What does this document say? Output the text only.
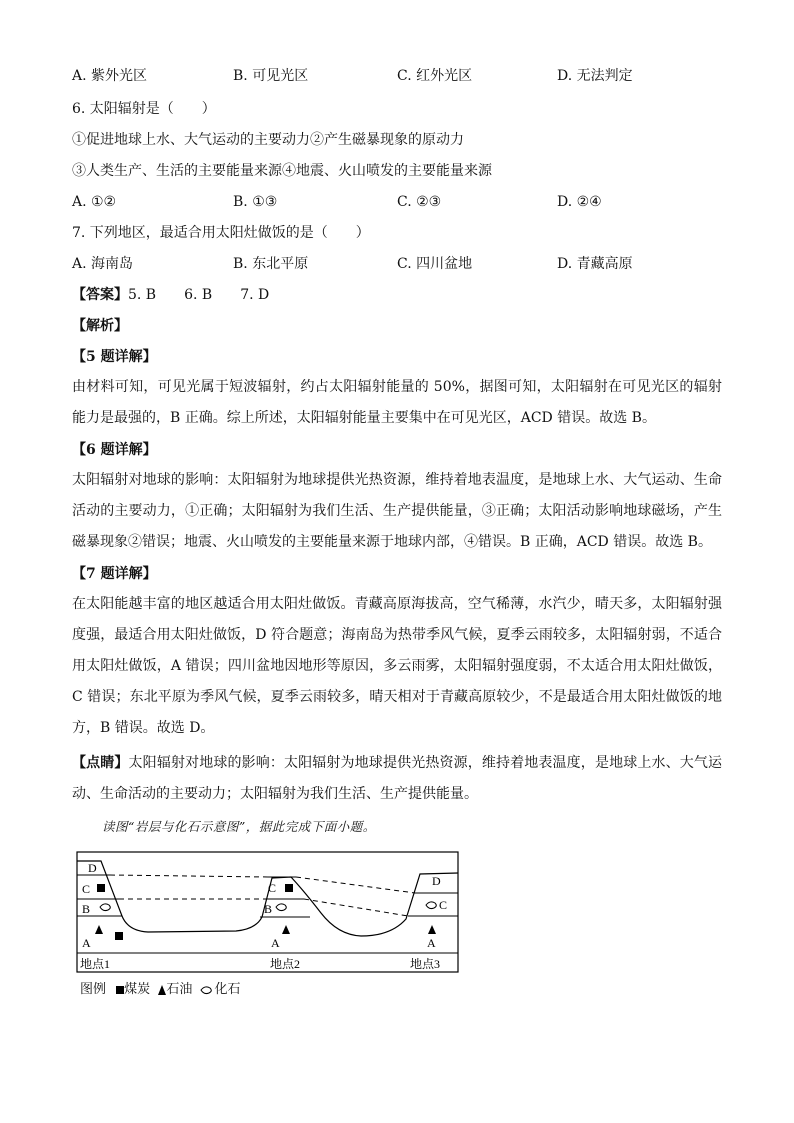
A. 紫外光区	B. 可见光区	C. 红外光区	D. 无法判定
6. 太阳辐射是（　　）
①促进地球上水、大气运动的主要动力②产生磁暴现象的原动力
③人类生产、生活的主要能量来源④地震、火山喷发的主要能量来源
A. ①②	B. ①③	C. ②③	D. ②④
7. 下列地区，最适合用太阳灶做饭的是（　　）
A. 海南岛	B. 东北平原	C. 四川盆地	D. 青藏高原
【答案】5. B　　6. B　　7. D
【解析】
【5 题详解】
由材料可知，可见光属于短波辐射，约占太阳辐射能量的 50%，据图可知，太阳辐射在可见光区的辐射能力是最强的，B 正确。综上所述，太阳辐射能量主要集中在可见光区，ACD 错误。故选 B。
【6 题详解】
太阳辐射对地球的影响：太阳辐射为地球提供光热资源，维持着地表温度，是地球上水、大气运动、生命活动的主要动力，①正确；太阳辐射为我们生活、生产提供能量，③正确；太阳活动影响地球磁场，产生磁暴现象②错误；地震、火山喷发的主要能量来源于地球内部，④错误。B 正确，ACD 错误。故选 B。
【7 题详解】
在太阳能越丰富的地区越适合用太阳灶做饭。青藏高原海拔高，空气稀薄，水汽少，晴天多，太阳辐射强度强，最适合用太阳灶做饭，D 符合题意；海南岛为热带季风气候，夏季云雨较多，太阳辐射弱，不适合用太阳灶做饭，A 错误；四川盆地因地形等原因，多云雨雾，太阳辐射强度弱，不太适合用太阳灶做饭，C 错误；东北平原为季风气候，夏季云雨较多，晴天相对于青藏高原较少，不是最适合用太阳灶做饭的地方，B 错误。故选 D。
【点睛】太阳辐射对地球的影响：太阳辐射为地球提供光热资源，维持着地表温度，是地球上水、大气运动、生命活动的主要动力；太阳辐射为我们生活、生产提供能量。
读图“岩层与化石示意图”，据此完成下面小题。
D
C
B
A
C
B
A
D
C
A
地点1	地点2	地点3
图例 煤炭 石油 化石
